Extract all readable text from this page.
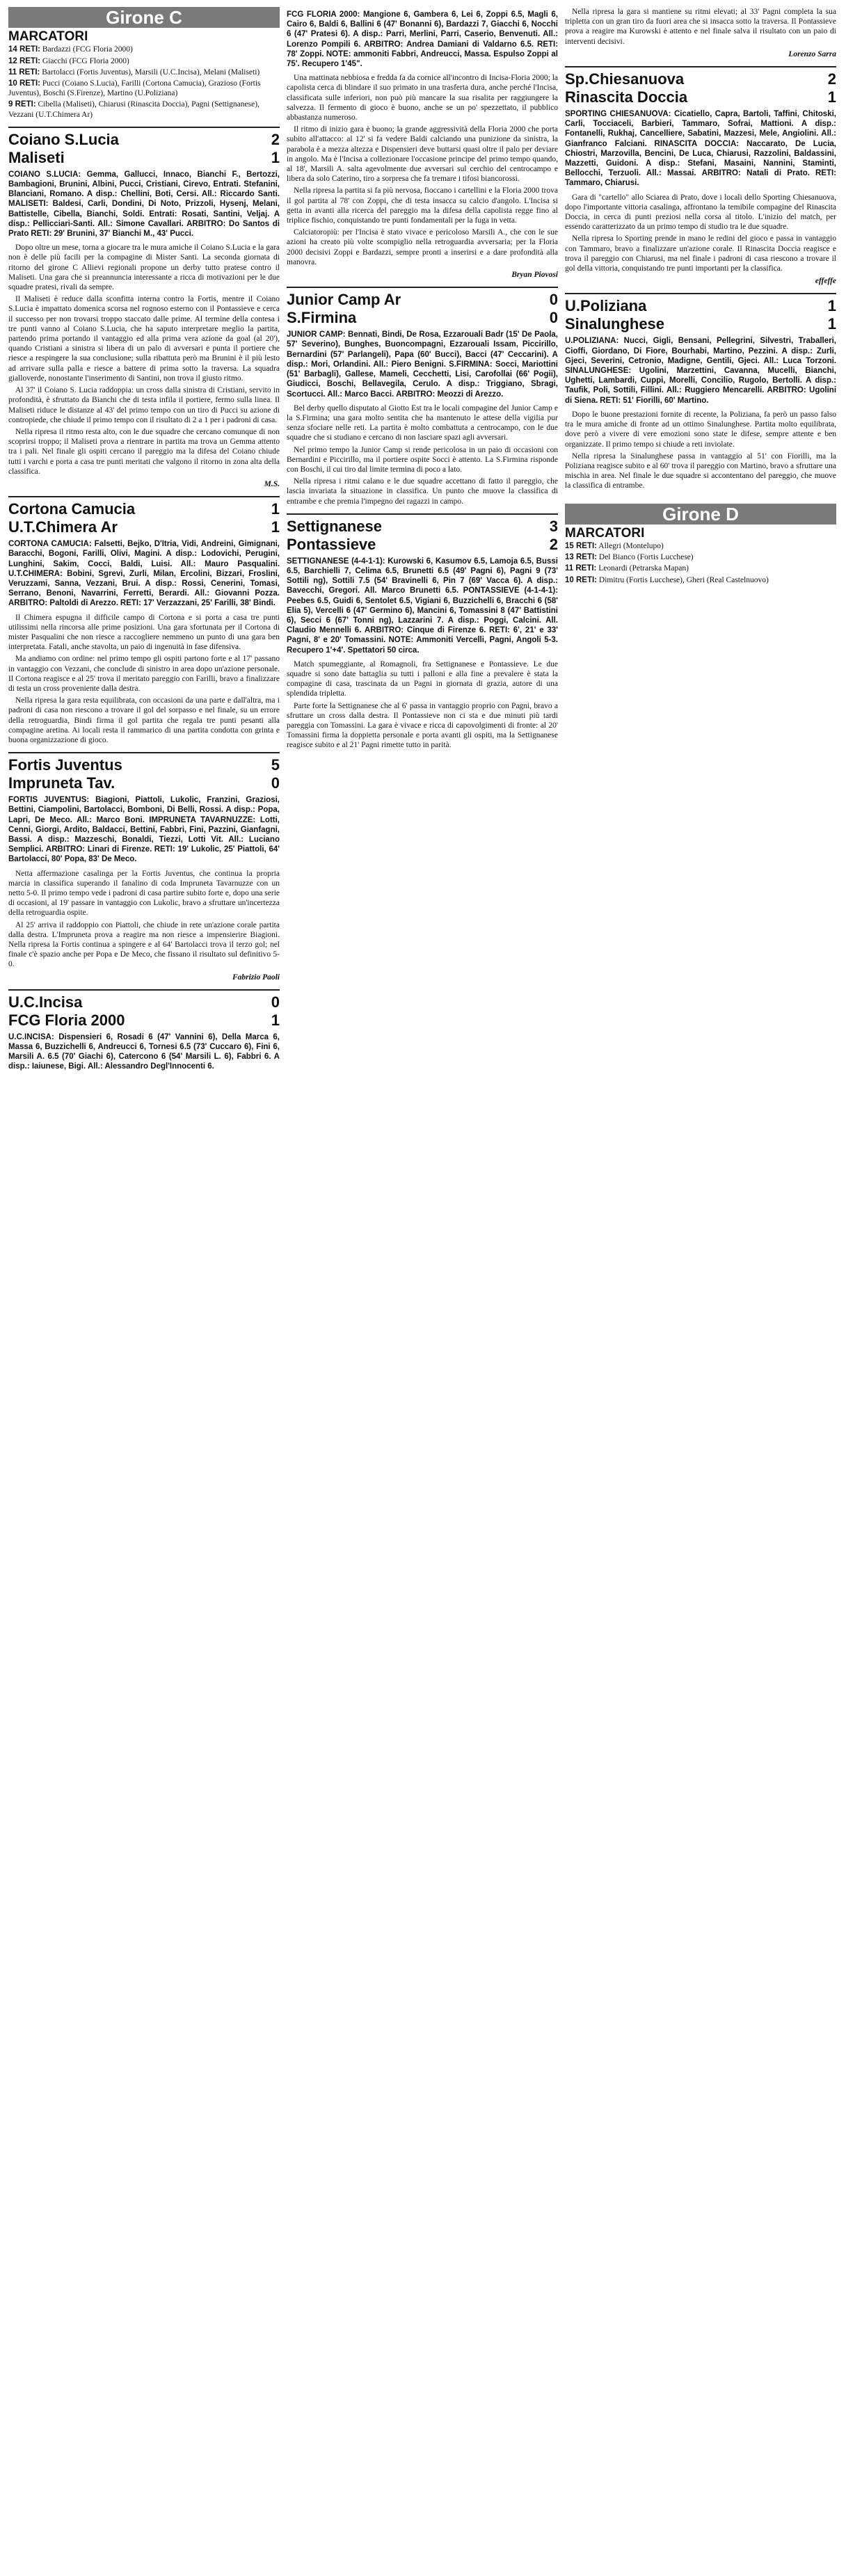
Girone C
MARCATORI
14 RETI: Bardazzi (FCG Floria 2000)
12 RETI: Giacchi (FCG Floria 2000)
11 RETI: Bartolacci (Fortis Juventus), Marsili (U.C.Incisa), Melani (Maliseti)
10 RETI: Pucci (Coiano S.Lucia), Farilli (Cortona Camucia), Grazioso (Fortis Juventus), Boschi (S.Firenze), Martino (U.Poliziana)
9 RETI: Cibella (Maliseti), Chiarusi (Rinascita Doccia), Pagni (Settignanese), Vezzani (U.T.Chimera Ar)
Coiano S.Lucia	2
Maliseti	1
COIANO S.LUCIA: Gemma, Gallucci, Innaco, Bianchi F., Bertozzi, Bambagioni, Brunini, Albini, Pucci, Cristiani, Cirevo, Entrati. Stefanini, Blanciani, Romano. A disp.: Chellini, Boti, Cersi. All.: Riccardo Santi. MALISETI: Baldesi, Carli, Dondini, Di Noto, Prizzoli, Hysenj, Melani, Battistelle, Cibella, Bianchi, Soldi. Entrati: Rosati, Santini, Veljaj. A disp.: Pellicciari-Santi. All.: Simone Cavallari. ARBITRO: Do Santos di Prato RETI: 29' Brunini, 37' Bianchi M., 43' Pucci.

Dopo oltre un mese, torna a giocare tra le mura amiche il Coiano S.Lucia e la gara non è delle più facili per la compagine di Mister Santi. La seconda giornata di ritorno del girone C Allievi regionali propone un derby tutto pratese contro il Maliseti. Una gara che si preannuncia interessante a ricca di motivazioni per le due squadre pratesi, rivali da sempre.

Il Maliseti è reduce dalla sconfitta interna contro la Fortis, mentre il Coiano S.Lucia è impattato domenica scorsa nel rognoso esterno con il Pontassieve e cerca il successo per non trovarsi troppo staccato dalle prime. Al termine della contesa i tre punti vanno al Coiano S.Lucia, che ha saputo interpretare meglio la partita, partendo prima portando il vantaggio ed alla prima vera azione da goal (al 20'), quando Cristiani a sinistra si libera di un palo di avversari e punta il portiere che riesce a respingere la sua conclusione; sulla ribattuta però ma Brunini è il più lesto ad arrivare sulla palla e riesce a battere di prima sotto la traversa. La squadra gialloverde, nonostante l'inserimento di Santini, non trova il giusto ritmo.

Al 37' il Coiano S. Lucia raddoppia: un cross dalla sinistra di Cristiani, servito in profondità, è sfruttato da Bianchi che di testa infila il portiere, fermo sulla linea. Il Maliseti riduce le distanze al 43' del primo tempo con un tiro di Pucci su azione di contropiede, che chiude il primo tempo con il risultato di 2 a 1 per i padroni di casa.

Nella ripresa il ritmo resta alto, con le due squadre che cercano comunque di non scoprirsi troppo; il Maliseti prova a rientrare in partita ma trova un Gemma attento tra i pali. Nel finale gli ospiti cercano il pareggio ma la difesa del Coiano chiude tutti i varchi e porta a casa tre punti meritati che valgono il ritorno in zona alta della classifica.

M.S.
Cortona Camucia	1
U.T.Chimera Ar	1
CORTONA CAMUCIA: Falsetti, Bejko, D'Itria, Vidi, Andreini, Gimignani, Baracchi, Bogoni, Farilli, Olivi, Magini. A disp.: Lodovichi, Perugini, Lunghini, Sakim, Cocci, Baldi, Luisi. All.: Mauro Pasqualini. U.T.CHIMERA: Bobini, Sgrevi, Zurli, Milan, Ercolini, Bizzari, Froslini, Veruzzami, Sanna, Vezzani, Brui. A disp.: Rossi, Cenerini, Tomasi, Serrano, Benoni, Navarrini, Ferretti, Berardi. All.: Giovanni Pozza. ARBITRO: Paltoldi di Arezzo. RETI: 17' Verzazzani, 25' Farilli, 38' Bindi.

Il Chimera espugna il difficile campo di Cortona e si porta a casa tre punti utilissimi nella rincorsa alle prime posizioni. Una gara sfortunata per il Cortona di mister Pasqualini che non riesce a raccogliere nemmeno un punto di una gara ben interpretata. Fatali, anche stavolta, un paio di ingenuità in fase difensiva.

Ma andiamo con ordine: nel primo tempo gli ospiti partono forte e al 17' passano in vantaggio con Vezzani, che conclude di sinistro in area dopo un'azione personale. Il Cortona reagisce e al 25' trova il meritato pareggio con Farilli, bravo a finalizzare di testa un cross proveniente dalla destra.

Nella ripresa la gara resta equilibrata, con occasioni da una parte e dall'altra, ma i padroni di casa non riescono a trovare il gol del sorpasso e nel finale, su un errore della retroguardia, Bindi firma il gol partita che regala tre punti pesanti alla compagine aretina. Ai locali resta il rammarico di una partita condotta con grinta e buona organizzazione di gioco.

Fortis Juventus	5
Impruneta Tav.	0
FORTIS JUVENTUS: Biagioni, Piattoli, Lukolic, Franzini, Graziosi, Bettini, Ciampolini, Bartolacci, Bomboni, Di Belli, Rossi. A disp.: Popa, Lapri, De Meco. All.: Marco Boni. IMPRUNETA TAVARNUZZE: Lotti, Cenni, Giorgi, Ardito, Baldacci, Bettini, Fabbri, Fini, Pazzini, Gianfagni, Bassi. A disp.: Mazzeschi, Bonaldi, Tiezzi, Lotti Vit. All.: Luciano Semplici. ARBITRO: Linari di Firenze. RETI: 19' Lukolic, 25' Piattoli, 64' Bartolacci, 80' Popa, 83' De Meco.

Netta affermazione casalinga per la Fortis Juventus, che continua la propria marcia in classifica superando il fanalino di coda Impruneta Tavarnuzze con un netto 5-0. Il primo tempo vede i padroni di casa partire subito forte e, dopo una serie di occasioni, al 19' passare in vantaggio con Lukolic, bravo a sfruttare un'incertezza della retroguardia ospite.

Al 25' arriva il raddoppio con Piattoli, che chiude in rete un'azione corale partita dalla destra. L'Impruneta prova a reagire ma non riesce a impensierire Biagioni. Nella ripresa la Fortis continua a spingere e al 64' Bartolacci trova il terzo gol; nel finale c'è spazio anche per Popa e De Meco, che fissano il risultato sul definitivo 5-0.

Fabrizio Paoli
U.C.Incisa	0
FCG Floria 2000	1
U.C.INCISA: Dispensieri 6, Rosadi 6 (47' Vannini 6), Della Marca 6, Massa 6, Buzzichelli 6, Andreucci 6, Tornesi 6.5 (73' Cuccaro 6), Fini 6, Marsili A. 6.5 (70' Giachi 6), Catercono 6 (54' Marsili L. 6), Fabbri 6. A disp.: Iaiunese, Bigi. All.: Alessandro Degl'Innocenti 6.
FCG FLORIA 2000: Mangione 6, Gambera 6, Lei 6, Zoppi 6.5, Magli 6, Cairo 6, Baldi 6, Ballini 6 (47' Bonanni 6), Bardazzi 7, Giacchi 6, Nocchi 6 (47' Pratesi 6). A disp.: Parri, Merlini, Parri, Caserio, Benvenuti. All.: Lorenzo Pompili 6. ARBITRO: Andrea Damiani di Valdarno 6.5. RETI: 78' Zoppi. NOTE: ammoniti Fabbri, Andreucci, Massa. Espulso Zoppi al 75'. Recupero 1'45".

Una mattinata nebbiosa e fredda fa da cornice all'incontro di Incisa-Floria 2000; la capolista cerca di blindare il suo primato in una trasferta dura, anche perché l'Incisa, classificata sulle inferiori, non può più mancare la sua risalita per raggiungere la salvezza. Il fermento di gioco è buono, anche se un po' spezzettato, il pubblico abbastanza numeroso.

Il ritmo di inizio gara è buono; la grande aggressività della Floria 2000 che porta subito all'attacco: al 12' si fa vedere Baldi calciando una punizione da sinistra, la parabola è a mezza altezza e Dispensieri deve buttarsi quasi oltre il palo per deviare in angolo. Ma è l'Incisa a collezionare l'occasione principe del primo tempo quando, al 18', Marsili A. salta agevolmente due avversari sul cerchio del centrocampo e libera da solo Caterino, tiro a sorpresa che fa tremare i tifosi biancorossi.

Nella ripresa la partita si fa più nervosa, fioccano i cartellini e la Floria 2000 trova il gol partita al 78' con Zoppi, che di testa insacca su calcio d'angolo. L'Incisa si getta in avanti alla ricerca del pareggio ma la difesa della capolista regge fino al triplice fischio, conquistando tre punti fondamentali per la fuga in vetta.

Calciatoropiù: per l'Incisa è stato vivace e pericoloso Marsili A., che con le sue azioni ha creato più volte scompiglio nella retroguardia avversaria; per la Floria 2000 decisivi Zoppi e Bardazzi, sempre pronti a inserirsi e a dare profondità alla manovra.

Bryan Piovosi
Junior Camp Ar	0
S.Firmina	0
JUNIOR CAMP: Bennati, Bindi, De Rosa, Ezzarouali Badr (15' De Paola, 57' Severino), Bunghes, Buoncompagni, Ezzarouali Issam, Piccirillo, Bernardini (57' Parlangeli), Papa (60' Bucci), Bacci (47' Ceccarini). A disp.: Mori, Orlandini. All.: Piero Benigni. S.FIRMINA: Socci, Mariottini (51' Barbagli), Gallese, Mameli, Cecchetti, Lisi, Carofollai (66' Pogii), Giudicci, Boschi, Bellavegila, Cerulo. A disp.: Triggiano, Sbragi, Scortucci. All.: Marco Bacci. ARBITRO: Meozzi di Arezzo.

Bel derby quello disputato al Giotto Est tra le locali compagine del Junior Camp e la S.Firmina; una gara molto sentita che ha mantenuto le attese della vigilia pur senza sfociare nelle reti. La partita è molto combattuta a centrocampo, con le due squadre che si studiano e cercano di non lasciare spazi agli avversari.

Nel primo tempo la Junior Camp si rende pericolosa in un paio di occasioni con Bernardini e Piccirillo, ma il portiere ospite Socci è attento. La S.Firmina risponde con Boschi, il cui tiro dal limite termina di poco a lato.

Nella ripresa i ritmi calano e le due squadre accettano di fatto il pareggio, che lascia invariata la situazione in classifica. Un punto che muove la classifica di entrambe e che premia l'impegno dei ragazzi in campo.

Settignanese	3
Pontassieve	2
SETTIGNANESE (4-4-1-1): Kurowski 6, Kasumov 6.5, Lamoja 6.5, Bussi 6.5, Barchielli 7, Celima 6.5, Brunetti 6.5 (49' Pagni 6), Pagni 9 (73' Sottili ng), Sottili 7.5 (54' Bravinelli 6, Pin 7 (69' Vacca 6). A disp.: Bavecchi, Gregori. All. Marco Brunetti 6.5. PONTASSIEVE (4-1-4-1): Peebes 6.5, Guidi 6, Sentolet 6.5, Vigiani 6, Buzzichelli 6, Bracchi 6 (58' Elia 5), Vercelli 6 (47' Germino 6), Mancini 6, Tomassini 8 (47' Battistini 6), Secci 6 (67' Tonni ng), Lazzarini 7. A disp.: Poggi, Calcini. All. Claudio Mennelli 6. ARBITRO: Cinque di Firenze 6. RETI: 6', 21' e 33' Pagni, 8' e 20' Tomassini. NOTE: Ammoniti Vercelli, Pagni, Angoli 5-3. Recupero 1'+4'. Spettatori 50 circa.

Match spumeggiante, al Romagnoli, fra Settignanese e Pontassieve. Le due squadre si sono date battaglia su tutti i palloni e alla fine a prevalere è stata la compagine di casa, trascinata da un Pagni in giornata di grazia, autore di una splendida tripletta.

Parte forte la Settignanese che al 6' passa in vantaggio proprio con Pagni, bravo a sfruttare un cross dalla destra. Il Pontassieve non ci sta e due minuti più tardi pareggia con Tomassini. La gara è vivace e ricca di capovolgimenti di fronte: al 20' Tomassini firma la doppietta personale e porta avanti gli ospiti, ma la Settignanese reagisce subito e al 21' Pagni rimette tutto in parità.

Nella ripresa la gara si mantiene su ritmi elevati; al 33' Pagni completa la sua tripletta con un gran tiro da fuori area che si insacca sotto la traversa. Il Pontassieve prova a reagire ma Kurowski è attento e nel finale salva il risultato con un paio di interventi decisivi.

Lorenzo Sarra
Sp.Chiesanuova	2
Rinascita Doccia	1
SPORTING CHIESANUOVA: Cicatiello, Capra, Bartoli, Taffini, Chitoski, Carli, Tocciaceli, Barbieri, Tammaro, Sofrai, Mattioni. A disp.: Fontanelli, Rukhaj, Cancelliere, Sabatini, Mazzesi, Mele, Angiolini. All.: Gianfranco Falciani. RINASCITA DOCCIA: Naccarato, De Lucia, Chiostri, Marzovilla, Bencini, De Luca, Chiarusi, Razzolini, Baldassini, Mazzetti, Guidoni. A disp.: Stefani, Masaini, Nannini, Staminti, Bellocchi, Terzuoli. All.: Massai. ARBITRO: Natali di Prato. RETI: Tammaro, Chiarusi.

Gara di "cartello" allo Sciarea di Prato, dove i locali dello Sporting Chiesanuova, dopo l'importante vittoria casalinga, affrontano la temibile compagine del Rinascita Doccia, in cerca di punti preziosi nella corsa al titolo. L'inizio del match, per essendo caratterizzato da un primo tempo di studio tra le due squadre.

Nella ripresa lo Sporting prende in mano le redini del gioco e passa in vantaggio con Tammaro, bravo a finalizzare un'azione corale. Il Rinascita Doccia reagisce e trova il pareggio con Chiarusi, ma nel finale i padroni di casa riescono a trovare il gol della vittoria, conquistando tre punti importanti per la classifica.

effeffe
U.Poliziana	1
Sinalunghese	1
U.POLIZIANA: Nucci, Gigli, Bensani, Pellegrini, Silvestri, Traballeri, Cioffi, Giordano, Di Fiore, Bourhabi, Martino, Pezzini. A disp.: Zurli, Gjeci, Severini, Cetronio, Madigne, Gentili, Gjeci. All.: Luca Torzoni. SINALUNGHESE: Ugolini, Marzettini, Cavanna, Mucelli, Bianchi, Ughetti, Lambardi, Cuppi, Morelli, Concilio, Rugolo, Bertolli. A disp.: Taufik, Poli, Sottili, Fillini. All.: Ruggiero Mencarelli. ARBITRO: Ugolini di Siena. RETI: 51' Fiorilli, 60' Martino.

Dopo le buone prestazioni fornite di recente, la Poliziana, fa però un passo falso tra le mura amiche di fronte ad un ottimo Sinalunghese. Partita molto equilibrata, dove però a vivere di vere emozioni sono state le difese, sempre attente e ben organizzate. Il primo tempo si chiude a reti inviolate.

Nella ripresa la Sinalunghese passa in vantaggio al 51' con Fiorilli, ma la Poliziana reagisce subito e al 60' trova il pareggio con Martino, bravo a sfruttare una mischia in area. Nel finale le due squadre si accontentano del pareggio, che muove la classifica di entrambe.

Girone D
MARCATORI
15 RETI: Allegri (Montelupo)
13 RETI: Del Bianco (Fortis Lucchese)
11 RETI: Leonardi (Petrarska Mapan)
10 RETI: Dimitru (Fortis Lucchese), Gheri (Real Castelnuovo)
